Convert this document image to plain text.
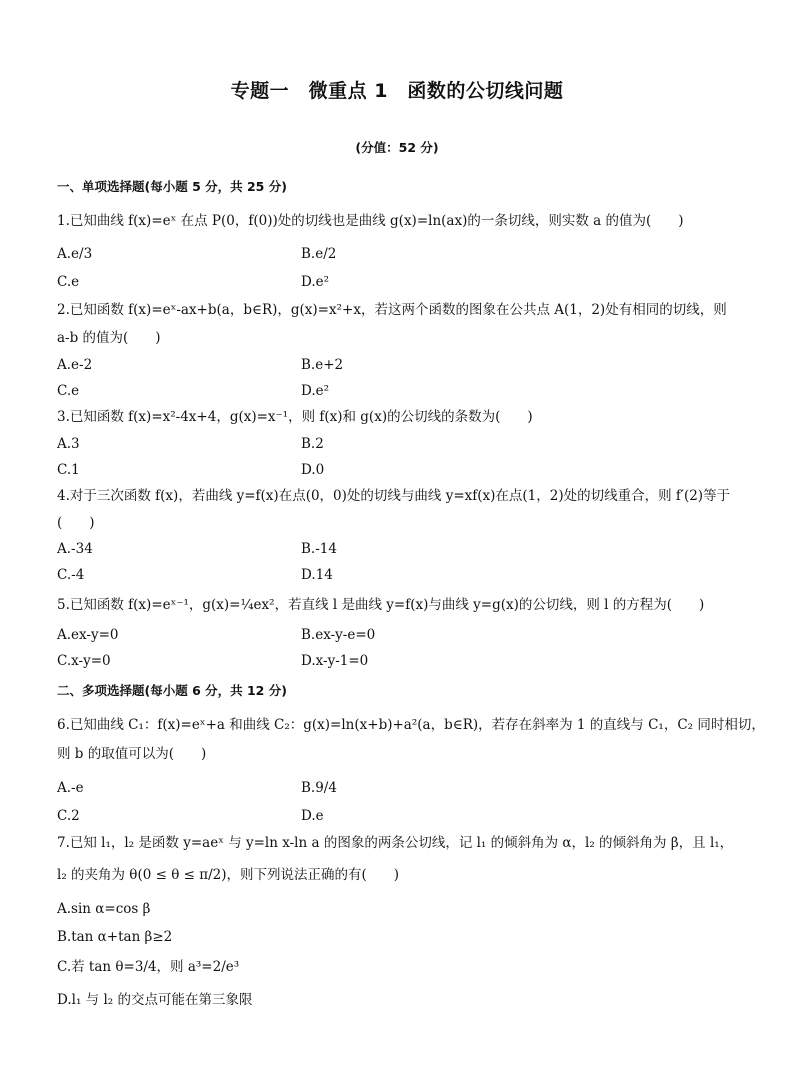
专题一　微重点 1　函数的公切线问题
(分值：52 分)
一、单项选择题(每小题 5 分，共 25 分)
1.已知曲线 f(x)=eˣ 在点 P(0，f(0))处的切线也是曲线 g(x)=ln(ax)的一条切线，则实数 a 的值为(　　)
A.e/3	B.e/2
C.e	D.e²
2.已知函数 f(x)=eˣ-ax+b(a，b∈R)，g(x)=x²+x，若这两个函数的图象在公共点 A(1，2)处有相同的切线，则
a-b 的值为(　　)
A.e-2	B.e+2
C.e	D.e²
3.已知函数 f(x)=x²-4x+4，g(x)=x⁻¹，则 f(x)和 g(x)的公切线的条数为(　　)
A.3	B.2
C.1	D.0
4.对于三次函数 f(x)，若曲线 y=f(x)在点(0，0)处的切线与曲线 y=xf(x)在点(1，2)处的切线重合，则 f′(2)等于
(　　)
A.-34	B.-14
C.-4	D.14
5.已知函数 f(x)=eˣ⁻¹，g(x)=¼ex²，若直线 l 是曲线 y=f(x)与曲线 y=g(x)的公切线，则 l 的方程为(　　)
A.ex-y=0	B.ex-y-e=0
C.x-y=0	D.x-y-1=0
二、多项选择题(每小题 6 分，共 12 分)
6.已知曲线 C₁：f(x)=eˣ+a 和曲线 C₂：g(x)=ln(x+b)+a²(a，b∈R)，若存在斜率为 1 的直线与 C₁，C₂ 同时相切，
则 b 的取值可以为(　　)
A.-e	B.9/4
C.2	D.e
7.已知 l₁，l₂ 是函数 y=aeˣ 与 y=ln x-ln a 的图象的两条公切线，记 l₁ 的倾斜角为 α，l₂ 的倾斜角为 β，且 l₁，
l₂ 的夹角为 θ(0 ≤ θ ≤ π/2)，则下列说法正确的有(　　)
A.sin α=cos β
B.tan α+tan β≥2
C.若 tan θ=3/4，则 a³=2/e³
D.l₁ 与 l₂ 的交点可能在第三象限
